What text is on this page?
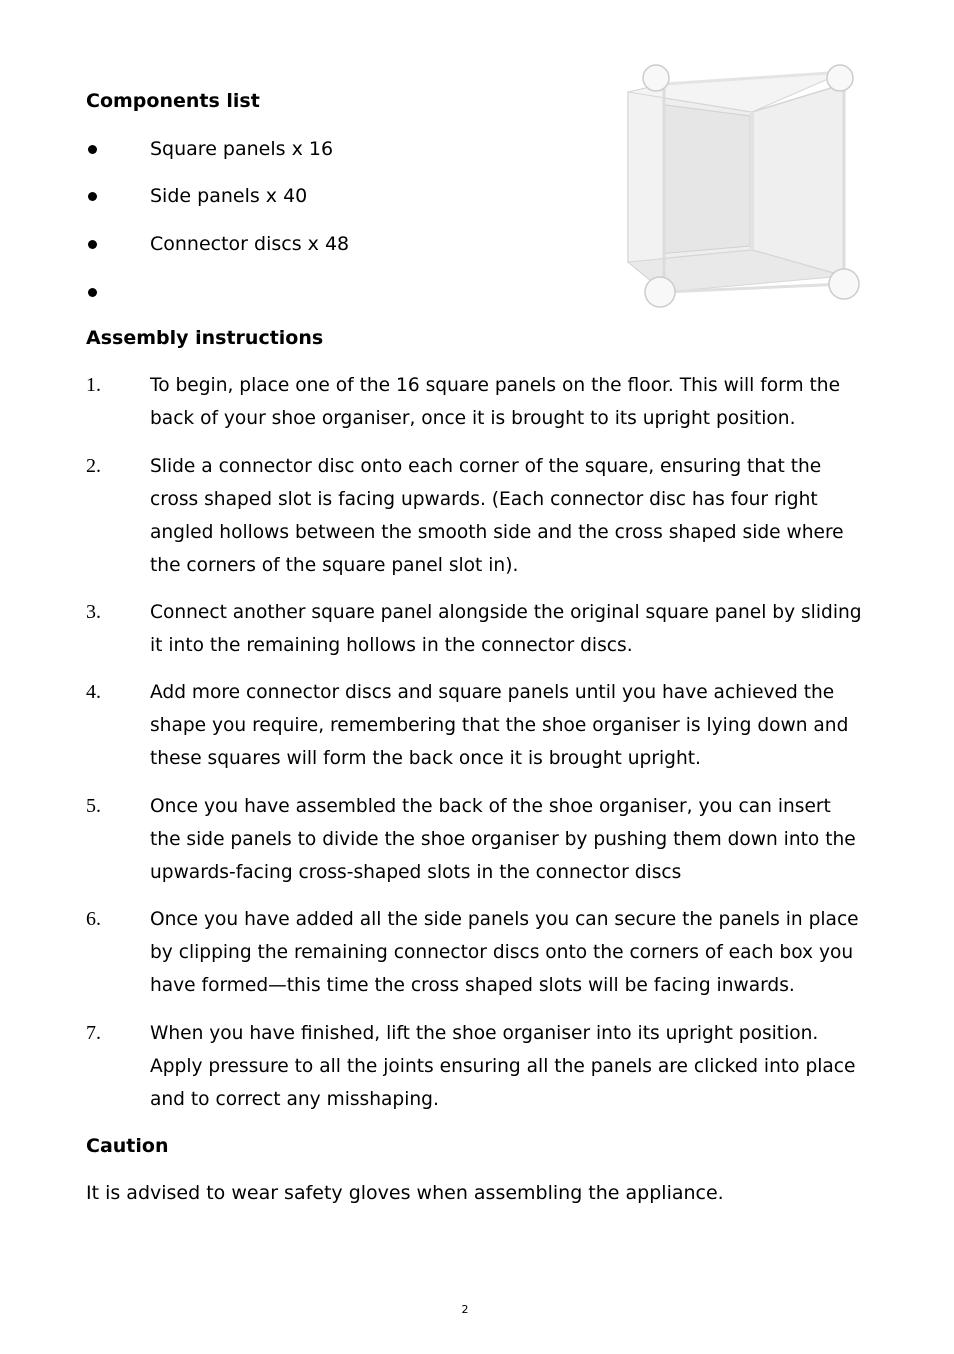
Components list
Square panels x 16
Side panels x 40
Connector discs x 48
Assembly instructions
1.	To begin, place one of the 16 square panels on the floor. This will form the back of your shoe organiser, once it is brought to its upright position.
2.	Slide a connector disc onto each corner of the square, ensuring that the cross shaped slot is facing upwards. (Each connector disc has four right angled hollows between the smooth side and the cross shaped side where the corners of the square panel slot in).
3.	Connect another square panel alongside the original square panel by sliding it into the remaining hollows in the connector discs.
4.	Add more connector discs and square panels until you have achieved the shape you require, remembering that the shoe organiser is lying down and these squares will form the back once it is brought upright.
5.	Once you have assembled the back of the shoe organiser, you can insert the side panels to divide the shoe organiser by pushing them down into the upwards-facing cross-shaped slots in the connector discs
6.	Once you have added all the side panels you can secure the panels in place by clipping the remaining connector discs onto the corners of each box you have formed—this time the cross shaped slots will be facing inwards.
7.	When you have finished, lift the shoe organiser into its upright position. Apply pressure to all the joints ensuring all the panels are clicked into place and to correct any misshaping.
Caution
It is advised to wear safety gloves when assembling the appliance.
2
